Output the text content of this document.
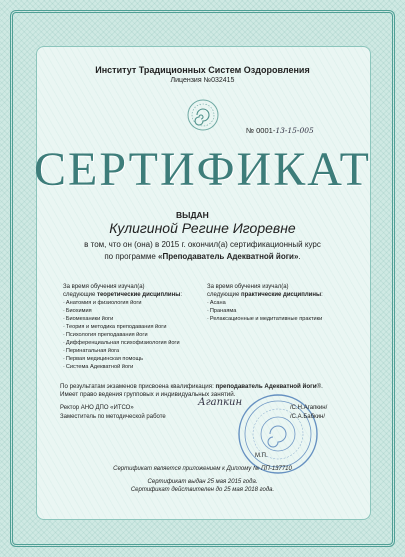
Институт Традиционных Систем Оздоровления
Лицензия №032415
№ 0001-13-15-005
СЕРТИФИКАТ
ВЫДАН
Кулигиной Регине Игоревне
в том, что он (она) в 2015 г. окончил(а) сертификационный курс
по программе «Преподаватель Адекватной йоги».
За время обучения изучал(а)
следующие теоретические дисциплины:
· Анатомия и физиология йоги
· Биохимия
· Биомеханики йоги
· Теория и методика преподавания йоги
· Психология преподавания йоги
· Дифференциальная психофизиология йоги
· Перинатальная йога
· Первая медицинская помощь
· Система Адекватной йоги
За время обучения изучал(а)
следующие практические дисциплины:
· Асана
· Пранаяма
· Релаксационные и медитативные практики
По результатам экзаменов присвоена квалификация: преподаватель Адекватной йоги®.
Имеет право ведения групповых и индивидуальных занятий.
Ректор АНО ДПО «ИТСО»	/С.Н.Агапкин/
Агапкин
Заместитель по методической работе	/С.А.Бабкин/
М.П.
Сертификат является приложением к Диплому № ПП-137710
Сертификат выдан 25 мая 2015 года.
Сертификат действителен до 25 мая 2018 года.
